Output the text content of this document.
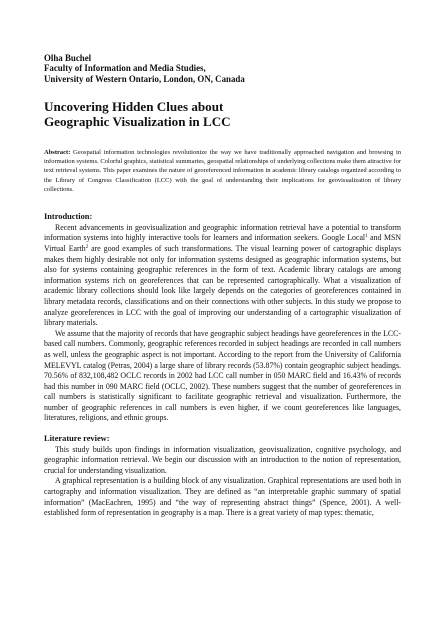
Olha Buchel
Faculty of Information and Media Studies,
University of Western Ontario, London, ON, Canada
Uncovering Hidden Clues about
Geographic Visualization in LCC
Abstract: Geospatial information technologies revolutionize the way we have traditionally approached navigation and browsing in information systems. Colorful graphics, statistical summaries, geospatial relationships of underlying collections make them attractive for text retrieval systems. This paper examines the nature of georeferenced information in academic library catalogs organized according to the Library of Congress Classification (LCC) with the goal of understanding their implications for geovisualization of library collections.
Introduction:

Recent advancements in geovisualization and geographic information retrieval have a potential to transform information systems into highly interactive tools for learners and information seekers. Google Local$^1$ and MSN Virtual Earth$^2$ are good examples of such transformations. The visual learning power of cartographic displays makes them highly desirable not only for information systems designed as geographic information systems, but also for systems containing geographic references in the form of text. Academic library catalogs are among information systems rich on georeferences that can be represented cartographically. What a visualization of academic library collections should look like largely depends on the categories of georeferences contained in library metadata records, classifications and on their connections with other subjects. In this study we propose to analyze georeferences in LCC with the goal of improving our understanding of a cartographic visualization of library materials.

We assume that the majority of records that have geographic subject headings have georeferences in the LCC-based call numbers. Commonly, geographic references recorded in subject headings are recorded in call numbers as well, unless the geographic aspect is not important. According to the report from the University of California MELEVYL catalog (Petras, 2004) a large share of library records (53.87%) contain geographic subject headings. 70.56% of 832,108,482 OCLC records in 2002 had LCC call number in 050 MARC field and 16.43% of records had this number in 090 MARC field (OCLC, 2002). These numbers suggest that the number of georeferences in call numbers is statistically significant to facilitate geographic retrieval and visualization. Furthermore, the number of geographic references in call numbers is even higher, if we count georeferences like languages, literatures, religions, and ethnic groups.

Literature review:

This study builds upon findings in information visualization, geovisualization, cognitive psychology, and geographic information retrieval. We begin our discussion with an introduction to the notion of representation, crucial for understanding visualization.

A graphical representation is a building block of any visualization. Graphical representations are used both in cartography and information visualization. They are defined as “an interpretable graphic summary of spatial information” (MacEachren, 1995) and “the way of representing abstract things” (Spence, 2001). A well-established form of representation in geography is a map. There is a great variety of map types: thematic,
